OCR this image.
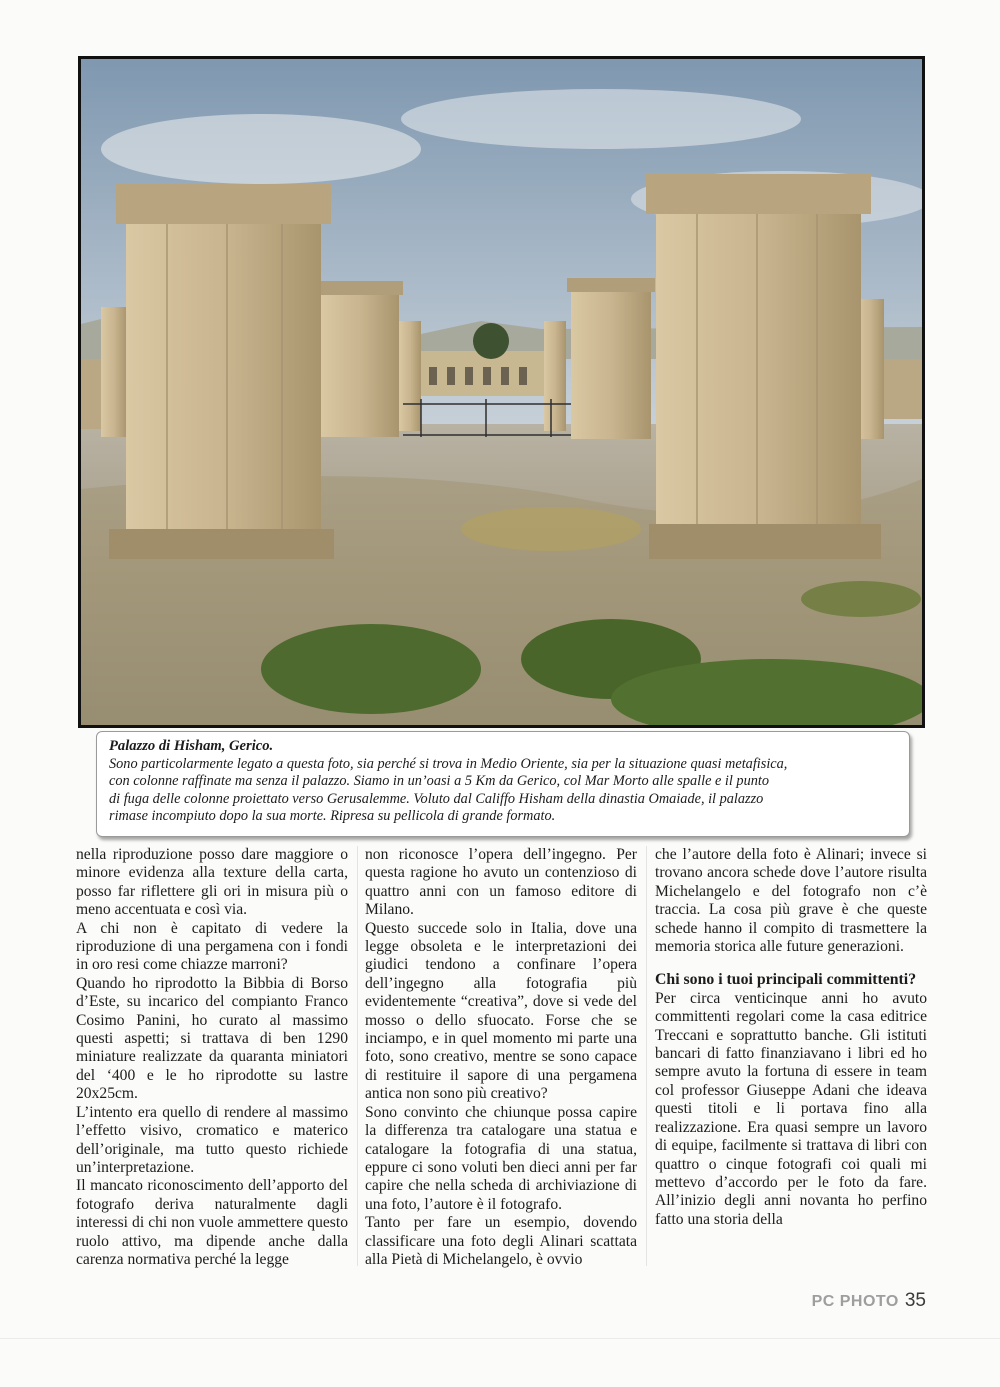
Palazzo di Hisham, Gerico.
Sono particolarmente legato a questa foto, sia perché si trova in Medio Oriente, sia per la situazione quasi metafisica,
con colonne raffinate ma senza il palazzo. Siamo in un’oasi a 5 Km da Gerico, col Mar Morto alle spalle e il punto
di fuga delle colonne proiettato verso Gerusalemme. Voluto dal Califfo Hisham della dinastia Omaiade, il palazzo
rimase incompiuto dopo la sua morte. Ripresa su pellicola di grande formato.

nella riproduzione posso dare maggiore o minore evidenza alla texture della carta, posso far riflettere gli ori in misura più o meno accentuata e così via.

A chi non è capitato di vedere la riproduzione di una pergamena con i fondi in oro resi come chiazze marroni?

Quando ho riprodotto la Bibbia di Borso d’Este, su incarico del compianto Franco Cosimo Panini, ho curato al massimo questi aspetti; si trattava di ben 1290 miniature realizzate da quaranta miniatori del ‘400 e le ho riprodotte su lastre 20x25cm.

L’intento era quello di rendere al massimo l’effetto visivo, cromatico e materico dell’originale, ma tutto questo richiede un’interpretazione.

Il mancato riconoscimento dell’apporto del fotografo deriva naturalmente dagli interessi di chi non vuole ammettere questo ruolo attivo, ma dipende anche dalla carenza normativa perché la legge

non riconosce l’opera dell’ingegno. Per questa ragione ho avuto un contenzioso di quattro anni con un famoso editore di Milano.

Questo succede solo in Italia, dove una legge obsoleta e le interpretazioni dei giudici tendono a confinare l’opera dell’ingegno alla fotografia più evidentemente “creativa”, dove si vede del mosso o dello sfuocato. Forse che se inciampo, e in quel momento mi parte una foto, sono creativo, mentre se sono capace di restituire il sapore di una pergamena antica non sono più creativo?

Sono convinto che chiunque possa capire la differenza tra catalogare una statua e catalogare la fotografia di una statua, eppure ci sono voluti ben dieci anni per far capire che nella scheda di archiviazione di una foto, l’autore è il fotografo.

Tanto per fare un esempio, dovendo classificare una foto degli Alinari scattata alla Pietà di Michelangelo, è ovvio

che l’autore della foto è Alinari; invece si trovano ancora schede dove l’autore risulta Michelangelo e del fotografo non c’è traccia. La cosa più grave è che queste schede hanno il compito di trasmettere la memoria storica alle future generazioni.

Chi sono i tuoi principali committenti?

Per circa venticinque anni ho avuto committenti regolari come la casa editrice Treccani e soprattutto banche. Gli istituti bancari di fatto finanziavano i libri ed ho sempre avuto la fortuna di essere in team col professor Giuseppe Adani che ideava questi titoli e li portava fino alla realizzazione. Era quasi sempre un lavoro di equipe, facilmente si trattava di libri con quattro o cinque fotografi coi quali mi mettevo d’accordo per le foto da fare. All’inizio degli anni novanta ho perfino fatto una storia della

PC PHOTO 35
